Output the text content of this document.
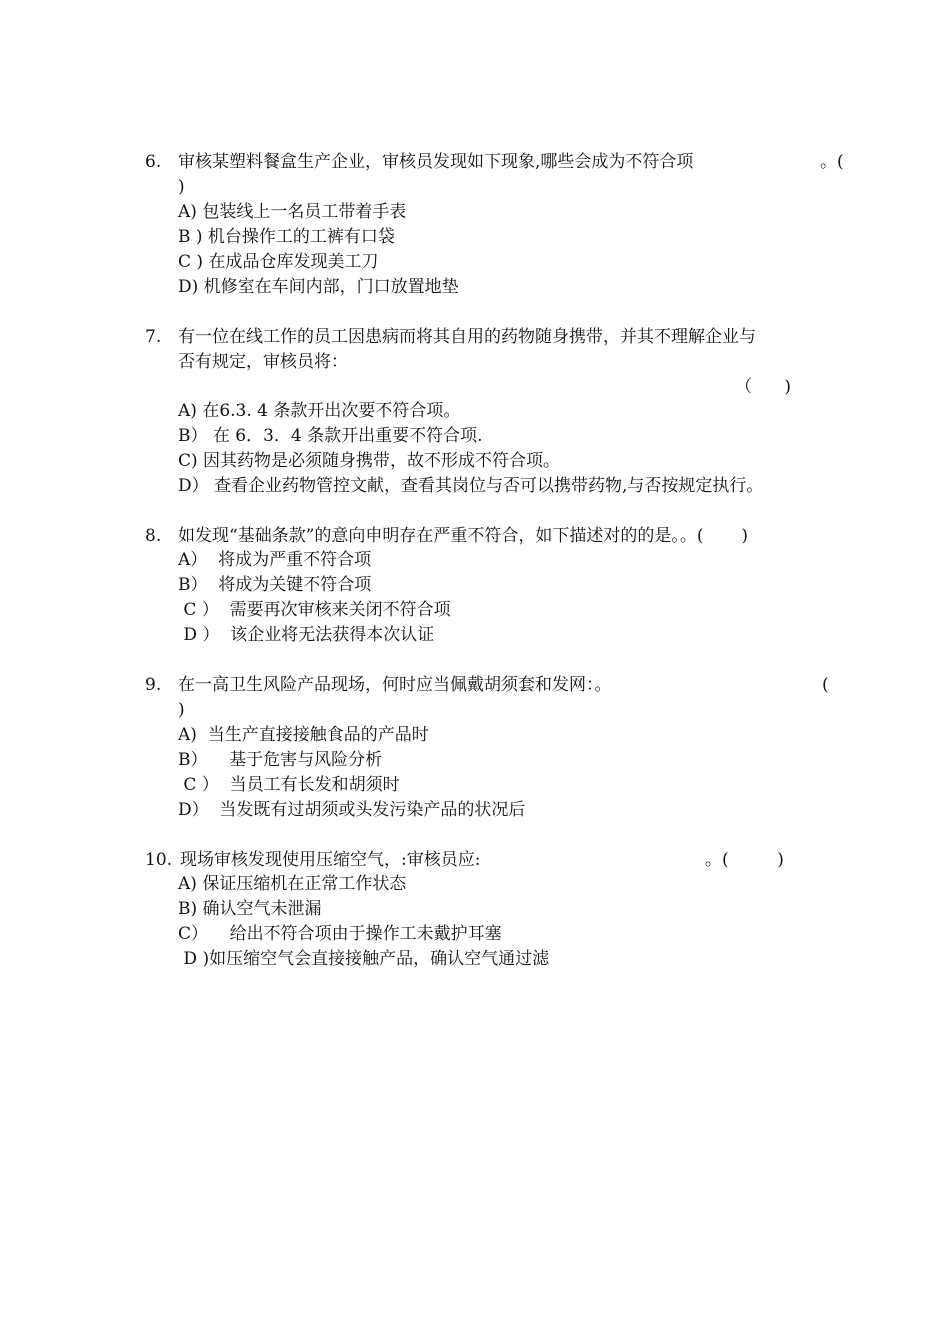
6. 审核某塑料餐盒生产企业，审核员发现如下现象,哪些会成为不符合项	。(
)
A) 包装线上一名员工带着手表
B ) 机台操作工的工裤有口袋
C ) 在成品仓库发现美工刀
D) 机修室在车间内部，门口放置地垫
7. 有一位在线工作的员工因患病而将其自用的药物随身携带，并其不理解企业与
否有规定，审核员将：
（      )
A) 在6.3. 4 条款开出次要不符合项。
B） 在 6．3．4 条款开出重要不符合项.
C) 因其药物是必须随身携带，故不形成不符合项。
D） 查看企业药物管控文献，查看其岗位与否可以携带药物,与否按规定执行。
8. 如发现“基础条款”的意向申明存在严重不符合，如下描述对的的是。。(       )
A）  将成为严重不符合项
B）  将成为关键不符合项
C ）  需要再次审核来关闭不符合项
D ）  该企业将无法获得本次认证
9. 在一高卫生风险产品现场，何时应当佩戴胡须套和发网：。	(
)
A)  当生产直接接触食品的产品时
B）    基于危害与风险分析
C ）  当员工有长发和胡须时
D）  当发既有过胡须或头发污染产品的状况后
10. 现场审核发现使用压缩空气，:审核员应:	。(         )
A) 保证压缩机在正常工作状态
B) 确认空气未泄漏
C）    给出不符合项由于操作工未戴护耳塞
D )如压缩空气会直接接触产品，确认空气通过滤
